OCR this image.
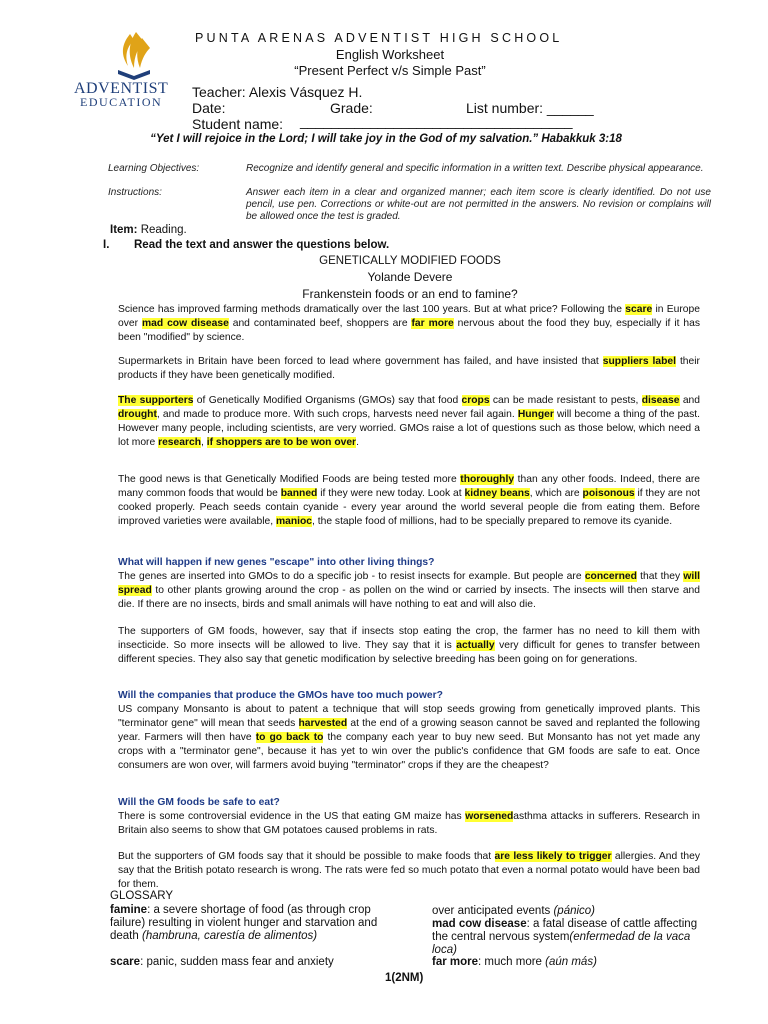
ADVENTIST
EDUCATION
PUNTA ARENAS ADVENTIST HIGH SCHOOL
English Worksheet
“Present Perfect v/s Simple Past”
Teacher: Alexis Vásquez H.
Date:	Grade:	List number: ______
Student name: ___________________________________
“Yet I will rejoice in the Lord; I will take joy in the God of my salvation.” Habakkuk 3:18
Learning Objectives:	Recognize and identify general and specific information in a written text. Describe physical appearance.
Instructions:	Answer each item in a clear and organized manner; each item score is clearly identified. Do not use pencil, use pen. Corrections or white-out are not permitted in the answers. No revision or complains will be allowed once the test is graded.
Item: Reading.
I. Read the text and answer the questions below.
GENETICALLY MODIFIED FOODS
Yolande Devere
Frankenstein foods or an end to famine?

Science has improved farming methods dramatically over the last 100 years. But at what price? Following the scare in Europe over mad cow disease and contaminated beef, shoppers are far more nervous about the food they buy, especially if it has been "modified" by science.

Supermarkets in Britain have been forced to lead where government has failed, and have insisted that suppliers label their products if they have been genetically modified.

The supporters of Genetically Modified Organisms (GMOs) say that food crops can be made resistant to pests, disease and drought, and made to produce more. With such crops, harvests need never fail again. Hunger will become a thing of the past. However many people, including scientists, are very worried. GMOs raise a lot of questions such as those below, which need a lot more research, if shoppers are to be won over.

The good news is that Genetically Modified Foods are being tested more thoroughly than any other foods. Indeed, there are many common foods that would be banned if they were new today. Look at kidney beans, which are poisonous if they are not cooked properly. Peach seeds contain cyanide - every year around the world several people die from eating them. Before improved varieties were available, manioc, the staple food of millions, had to be specially prepared to remove its cyanide.

What will happen if new genes "escape" into other living things?

The genes are inserted into GMOs to do a specific job - to resist insects for example. But people are concerned that they will spread to other plants growing around the crop - as pollen on the wind or carried by insects. The insects will then starve and die. If there are no insects, birds and small animals will have nothing to eat and will also die.

The supporters of GM foods, however, say that if insects stop eating the crop, the farmer has no need to kill them with insecticide. So more insects will be allowed to live. They say that it is actually very difficult for genes to transfer between different species. They also say that genetic modification by selective breeding has been going on for generations.

Will the companies that produce the GMOs have too much power?

US company Monsanto is about to patent a technique that will stop seeds growing from genetically improved plants. This "terminator gene" will mean that seeds harvested at the end of a growing season cannot be saved and replanted the following year. Farmers will then have to go back to the company each year to buy new seed. But Monsanto has not yet made any crops with a "terminator gene", because it has yet to win over the public's confidence that GM foods are safe to eat. Once consumers are won over, will farmers avoid buying "terminator" crops if they are the cheapest?

Will the GM foods be safe to eat?

There is some controversial evidence in the US that eating GM maize has worsenedasthma attacks in sufferers. Research in Britain also seems to show that GM potatoes caused problems in rats.

But the supporters of GM foods say that it should be possible to make foods that are less likely to trigger allergies. And they say that the British potato research is wrong. The rats were fed so much potato that even a normal potato would have been bad for them.

GLOSSARY
famine: a severe shortage of food (as through crop failure) resulting in violent hunger and starvation and death (hambruna, carestía de alimentos)
scare: panic, sudden mass fear and anxiety
over anticipated events (pánico)
mad cow disease: a fatal disease of cattle affecting the central nervous system(enfermedad de la vaca loca)
far more: much more (aún más)
1(2NM)
